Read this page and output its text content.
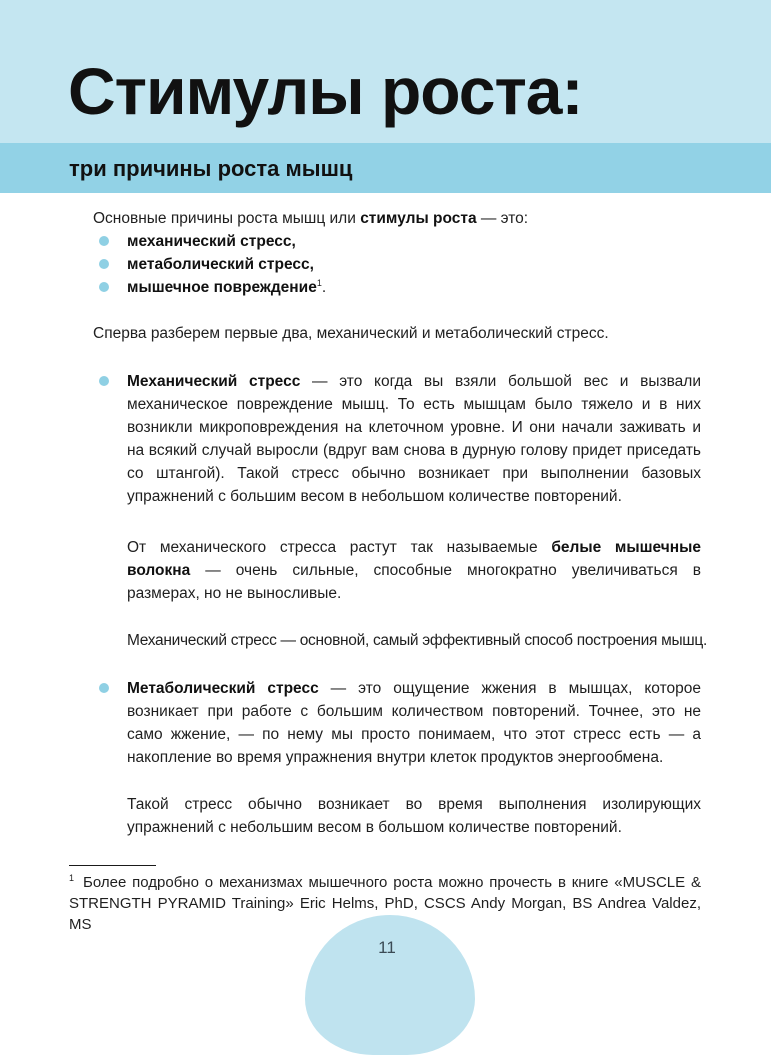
Стимулы роста:
три причины роста мышц

Основные причины роста мышц или стимулы роста — это:

механический стресс,

метаболический стресс,

мышечное повреждение$^1$.

Сперва разберем первые два, механический и метаболический стресс.

Механический стресс — это когда вы взяли большой вес и вызвали механическое повреждение мышц. То есть мышцам было тяжело и в них возникли микроповреждения на клеточном уровне. И они начали заживать и на всякий случай выросли (вдруг вам снова в дурную голову придет приседать со штангой). Такой стресс обычно возникает при выполнении базовых упражнений с большим весом в небольшом количестве повторений.

От механического стресса растут так называемые белые мышечные волокна — очень сильные, способные многократно увеличиваться в размерах, но не выносливые.

Механический стресс — основной, самый эффективный способ построения мышц.

Метаболический стресс — это ощущение жжения в мышцах, которое возникает при работе с большим количеством повторений. Точнее, это не само жжение, — по нему мы просто понимаем, что этот стресс есть — а накопление во время упражнения внутри клеток продуктов энергообмена.

Такой стресс обычно возникает во время выполнения изолирующих упражнений с небольшим весом в большом количестве повторений.

$^1$ Более подробно о механизмах мышечного роста можно прочесть в книге «MUSCLE & STRENGTH PYRAMID Training» Eric Helms, PhD, CSCS Andy Morgan, BS Andrea Valdez, MS

11
